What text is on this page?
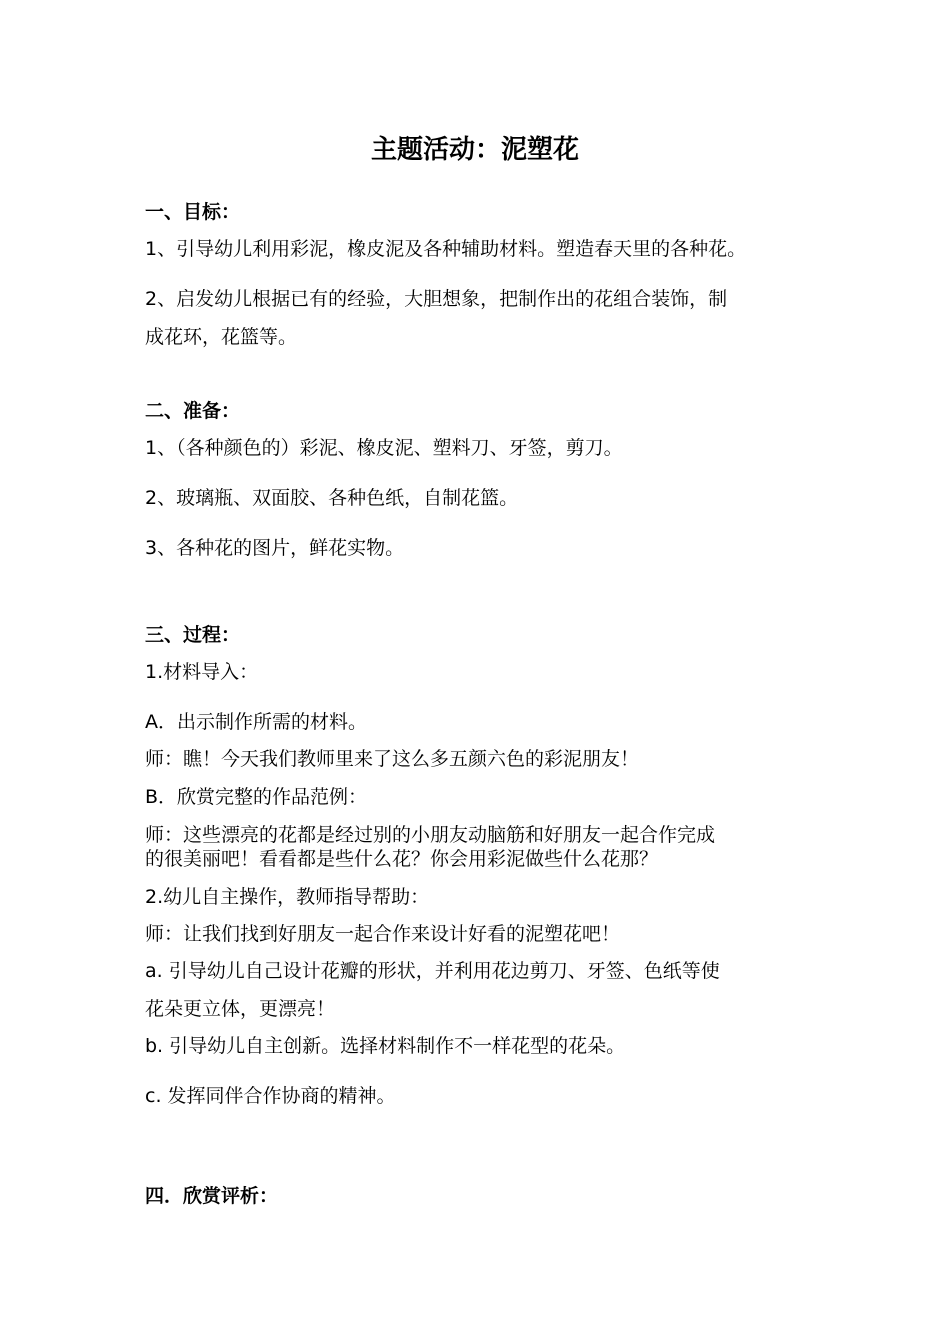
主题活动：泥塑花
一、目标：
1、引导幼儿利用彩泥，橡皮泥及各种辅助材料。塑造春天里的各种花。
2、启发幼儿根据已有的经验，大胆想象，把制作出的花组合装饰，制
成花环，花篮等。
二、准备：
1、（各种颜色的）彩泥、橡皮泥、塑料刀、牙签，剪刀。
2、玻璃瓶、双面胶、各种色纸，自制花篮。
3、各种花的图片，鲜花实物。
三、过程：
1.材料导入：
A．出示制作所需的材料。
师：瞧！今天我们教师里来了这么多五颜六色的彩泥朋友！
B．欣赏完整的作品范例：
师：这些漂亮的花都是经过别的小朋友动脑筋和好朋友一起合作完成
的很美丽吧！看看都是些什么花？你会用彩泥做些什么花那？
2.幼儿自主操作，教师指导帮助：
师：让我们找到好朋友一起合作来设计好看的泥塑花吧！
a. 引导幼儿自己设计花瓣的形状，并利用花边剪刀、牙签、色纸等使
花朵更立体，更漂亮！
b. 引导幼儿自主创新。选择材料制作不一样花型的花朵。
c. 发挥同伴合作协商的精神。
四．欣赏评析：
